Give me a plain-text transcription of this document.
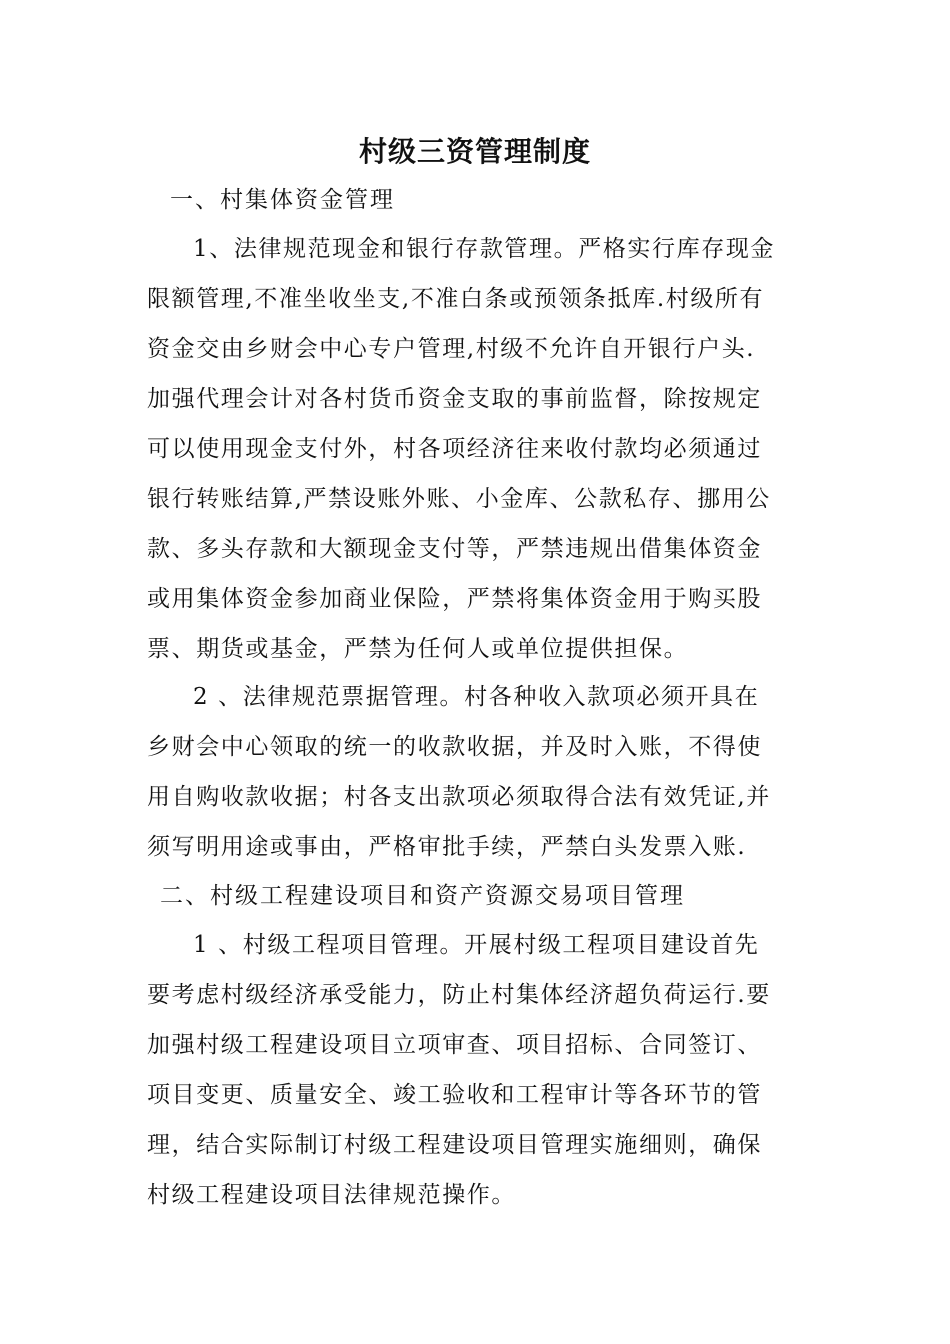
村级三资管理制度

一、村集体资金管理

1、法律规范现金和银行存款管理。严格实行库存现金
限额管理,不准坐收坐支,不准白条或预领条抵库.村级所有
资金交由乡财会中心专户管理,村级不允许自开银行户头.
加强代理会计对各村货币资金支取的事前监督，除按规定
可以使用现金支付外，村各项经济往来收付款均必须通过
银行转账结算,严禁设账外账、小金库、公款私存、挪用公
款、多头存款和大额现金支付等，严禁违规出借集体资金
或用集体资金参加商业保险，严禁将集体资金用于购买股
票、期货或基金，严禁为任何人或单位提供担保。
2 、法律规范票据管理。村各种收入款项必须开具在
乡财会中心领取的统一的收款收据，并及时入账，不得使
用自购收款收据；村各支出款项必须取得合法有效凭证,并
须写明用途或事由，严格审批手续，严禁白头发票入账.

二、村级工程建设项目和资产资源交易项目管理

1 、村级工程项目管理。开展村级工程项目建设首先
要考虑村级经济承受能力，防止村集体经济超负荷运行.要
加强村级工程建设项目立项审查、项目招标、合同签订、
项目变更、质量安全、竣工验收和工程审计等各环节的管
理，结合实际制订村级工程建设项目管理实施细则，确保
村级工程建设项目法律规范操作。
